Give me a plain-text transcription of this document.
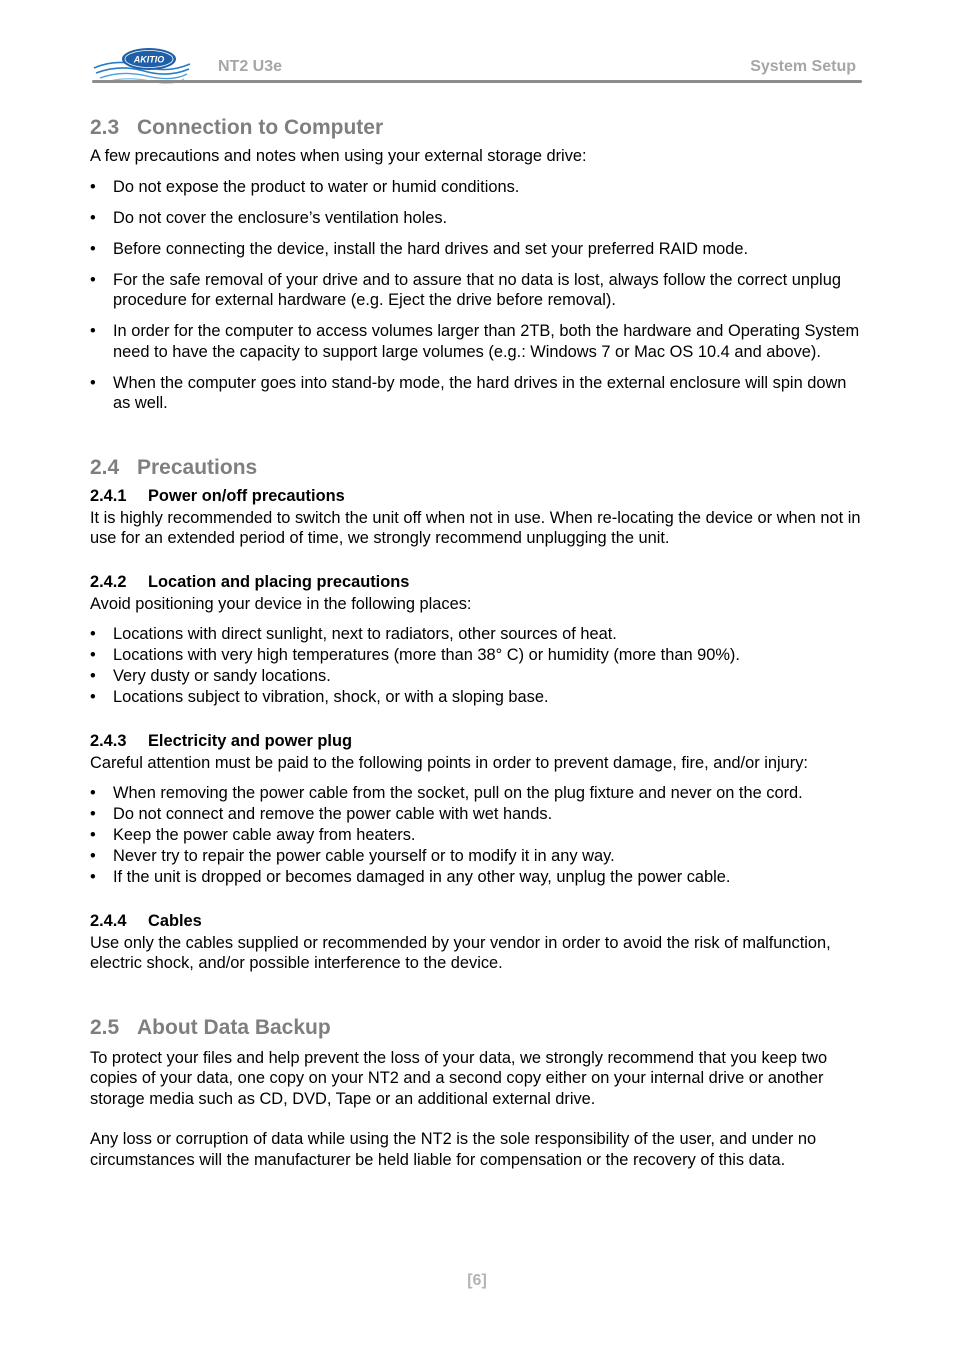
AKITIO	NT2 U3e	System Setup
2.3 Connection to Computer

A few precautions and notes when using your external storage drive:

• Do not expose the product to water or humid conditions.
• Do not cover the enclosure’s ventilation holes.
• Before connecting the device, install the hard drives and set your preferred RAID mode.
• For the safe removal of your drive and to assure that no data is lost, always follow the correct unplug procedure for external hardware (e.g. Eject the drive before removal).
• In order for the computer to access volumes larger than 2TB, both the hardware and Operating System need to have the capacity to support large volumes (e.g.: Windows 7 or Mac OS 10.4 and above).
• When the computer goes into stand-by mode, the hard drives in the external enclosure will spin down as well.
2.4 Precautions
2.4.1 Power on/off precautions

It is highly recommended to switch the unit off when not in use. When re-locating the device or when not in use for an extended period of time, we strongly recommend unplugging the unit.

2.4.2 Location and placing precautions

Avoid positioning your device in the following places:

• Locations with direct sunlight, next to radiators, other sources of heat.
• Locations with very high temperatures (more than 38° C) or humidity (more than 90%).
• Very dusty or sandy locations.
• Locations subject to vibration, shock, or with a sloping base.
2.4.3 Electricity and power plug

Careful attention must be paid to the following points in order to prevent damage, fire, and/or injury:

• When removing the power cable from the socket, pull on the plug fixture and never on the cord.
• Do not connect and remove the power cable with wet hands.
• Keep the power cable away from heaters.
• Never try to repair the power cable yourself or to modify it in any way.
• If the unit is dropped or becomes damaged in any other way, unplug the power cable.
2.4.4 Cables

Use only the cables supplied or recommended by your vendor in order to avoid the risk of malfunction, electric shock, and/or possible interference to the device.

2.5 About Data Backup

To protect your files and help prevent the loss of your data, we strongly recommend that you keep two copies of your data, one copy on your NT2 and a second copy either on your internal drive or another storage media such as CD, DVD, Tape or an additional external drive.

Any loss or corruption of data while using the NT2 is the sole responsibility of the user, and under no circumstances will the manufacturer be held liable for compensation or the recovery of this data.

[6]
